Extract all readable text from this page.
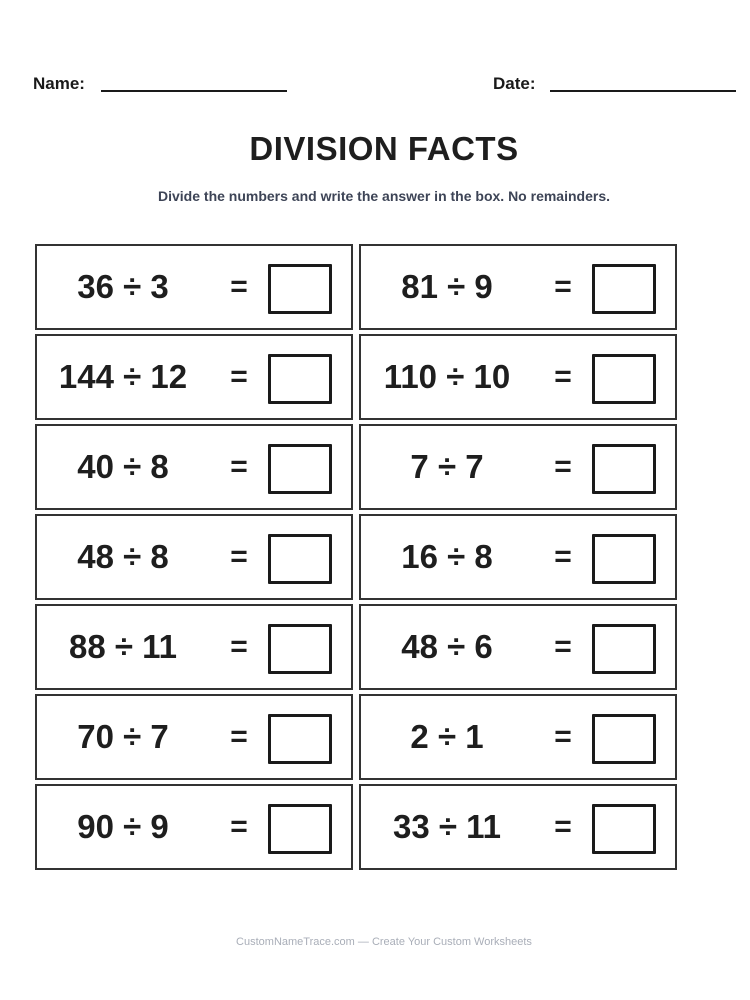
Name:	Date:
DIVISION FACTS
Divide the numbers and write the answer in the box. No remainders.
36 ÷ 3	=	81 ÷ 9	=
144 ÷ 12	=	110 ÷ 10	=
40 ÷ 8	=	7 ÷ 7	=
48 ÷ 8	=	16 ÷ 8	=
88 ÷ 11	=	48 ÷ 6	=
70 ÷ 7	=	2 ÷ 1	=
90 ÷ 9	=	33 ÷ 11	=
CustomNameTrace.com — Create Your Custom Worksheets
